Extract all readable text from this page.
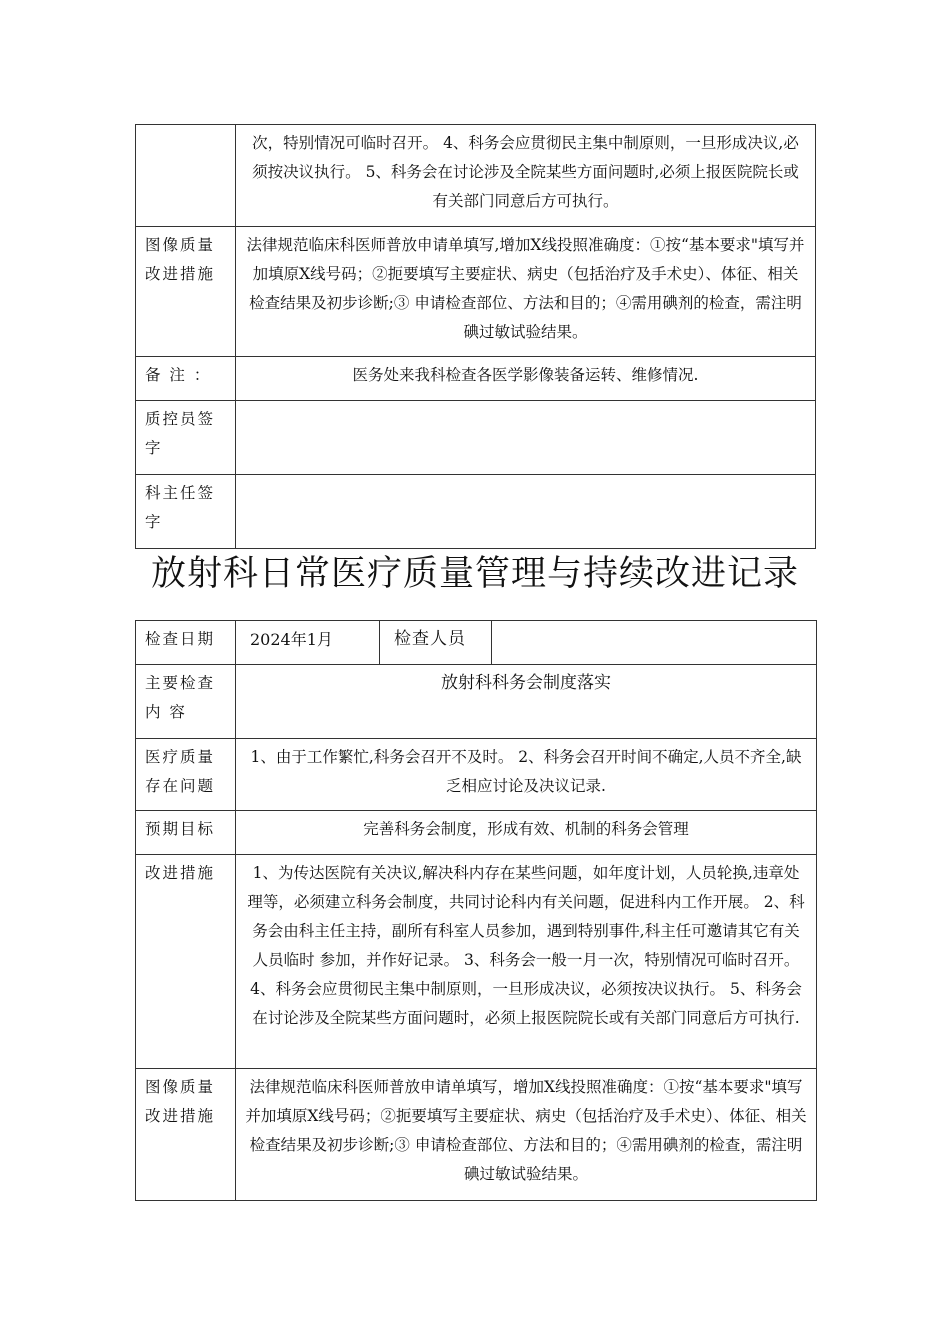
	次，特别情况可临时召开。 4、科务会应贯彻民主集中制原则，一旦形成决议,必须按决议执行。 5、科务会在讨论涉及全院某些方面问题时,必须上报医院院长或有关部门同意后方可执行。
图像质量改进措施	法律规范临床科医师普放申请单填写,增加X线投照准确度：①按“基本要求"填写并加填原X线号码；②扼要填写主要症状、病史（包括治疗及手术史）、体征、相关检查结果及初步诊断;③ 申请检查部位、方法和目的；④需用碘剂的检查，需注明碘过敏试验结果。
备 注 ：	医务处来我科检查各医学影像装备运转、维修情况.
质控员签字	
科主任签字	
放射科日常医疗质量管理与持续改进记录
检查日期	2024年1月	检查人员	
主要检查内 容	放射科科务会制度落实		
医疗质量存在问题	1、由于工作繁忙,科务会召开不及时。 2、科务会召开时间不确定,人员不齐全,缺乏相应讨论及决议记录.		
预期目标	完善科务会制度，形成有效、机制的科务会管理		
改进措施	1、为传达医院有关决议,解决科内存在某些问题，如年度计划，人员轮换,违章处理等，必须建立科务会制度，共同讨论科内有关问题，促进科内工作开展。 2、科务会由科主任主持，副所有科室人员参加，遇到特别事件,科主任可邀请其它有关人员临时 参加，并作好记录。 3、科务会一般一月一次，特别情况可临时召开。 4、科务会应贯彻民主集中制原则，一旦形成决议，必须按决议执行。 5、科务会在讨论涉及全院某些方面问题时，必须上报医院院长或有关部门同意后方可执行.		
图像质量改进措施	法律规范临床科医师普放申请单填写，增加X线投照准确度：①按“基本要求"填写并加填原X线号码；②扼要填写主要症状、病史（包括治疗及手术史）、体征、相关检查结果及初步诊断;③ 申请检查部位、方法和目的；④需用碘剂的检查，需注明碘过敏试验结果。		
